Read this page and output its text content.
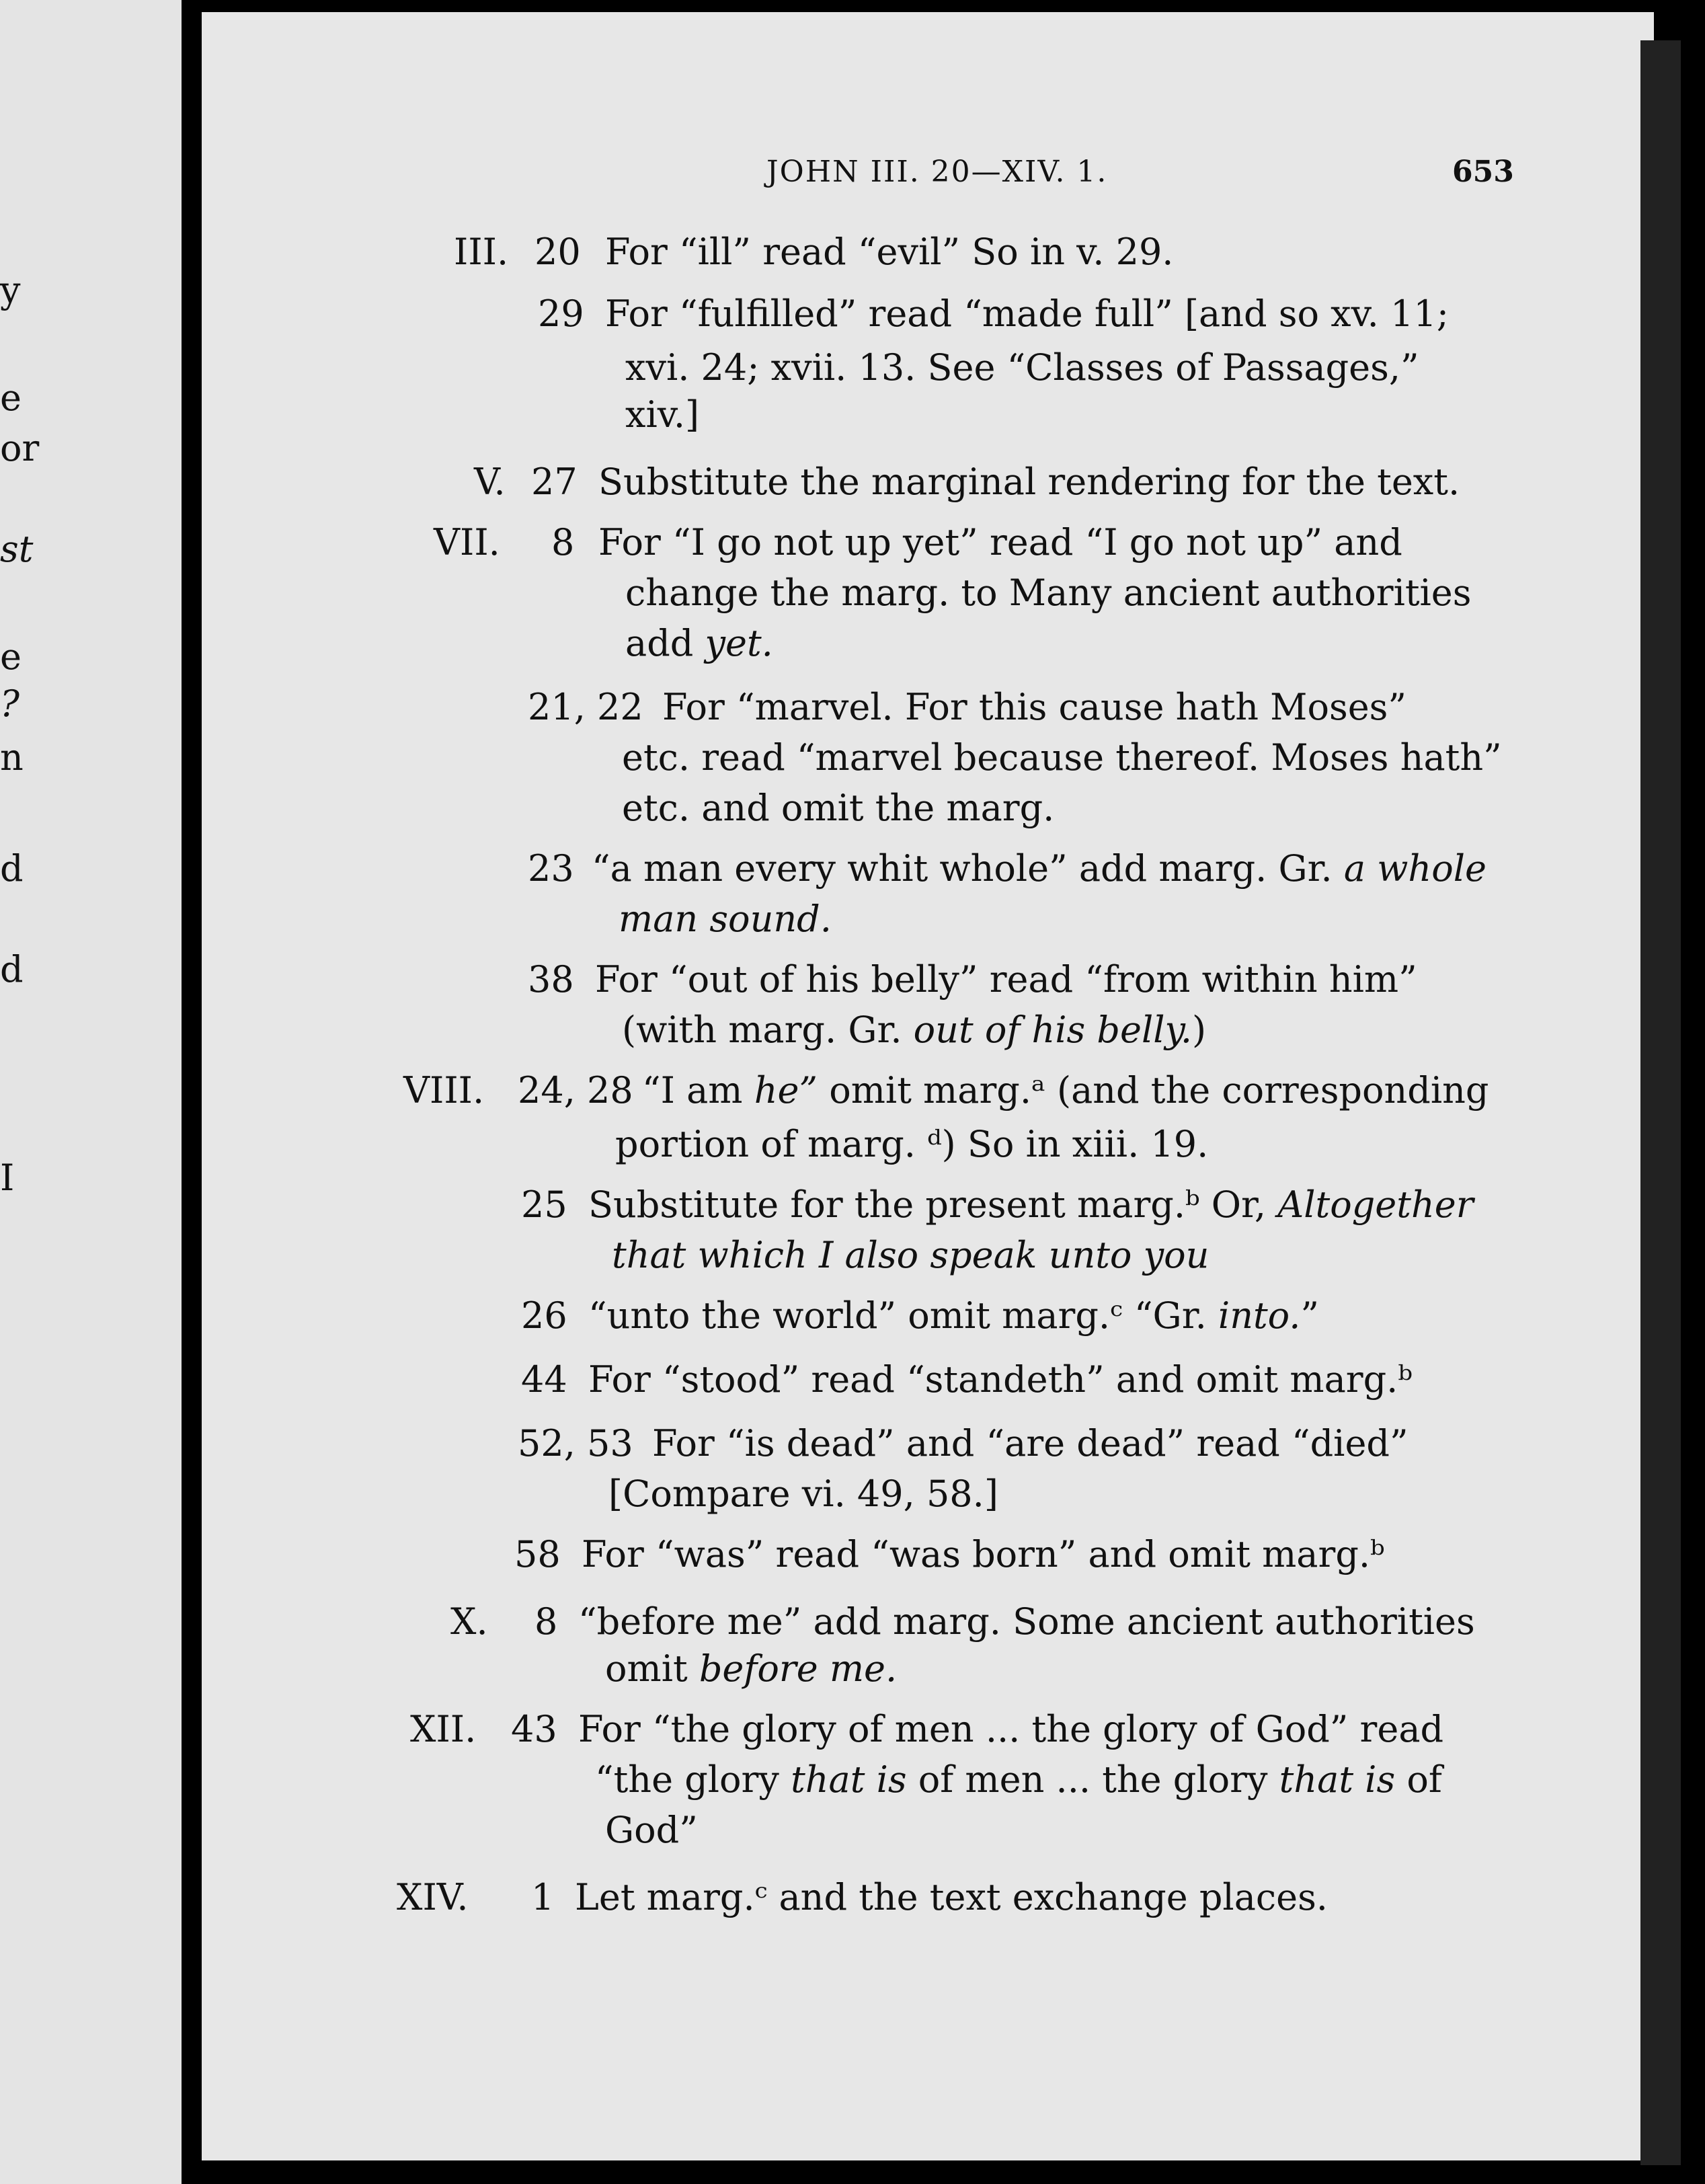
y
e
or
st
e
?
n
d
d
I
JOHN III. 20—XIV. 1.	653
III. 20 For “ill” read “evil” So in v. 29.
29 For “fulfilled” read “made full” [and so xv. 11;
xvi. 24; xvii. 13. See “Classes of Passages,”
xiv.]
V. 27 Substitute the marginal rendering for the text.
VII. 8 For “I go not up yet” read “I go not up” and
change the marg. to Many ancient authorities
add yet.
21, 22 For “marvel. For this cause hath Moses”
etc. read “marvel because thereof. Moses hath”
etc. and omit the marg.
23 “a man every whit whole” add marg. Gr. a whole
man sound.
38 For “out of his belly” read “from within him”
(with marg. Gr. out of his belly.)
VIII. 24, 28 “I am he” omit marg.ᵃ (and the corresponding
portion of marg. ᵈ) So in xiii. 19.
25 Substitute for the present marg.ᵇ Or, Altogether
that which I also speak unto you
26 “unto the world” omit marg.ᶜ “Gr. into.”
44 For “stood” read “standeth” and omit marg.ᵇ
52, 53 For “is dead” and “are dead” read “died”
[Compare vi. 49, 58.]
58 For “was” read “was born” and omit marg.ᵇ
X. 8 “before me” add marg. Some ancient authorities
omit before me.
XII. 43 For “the glory of men ... the glory of God” read
“the glory that is of men ... the glory that is of
God”
XIV. 1 Let marg.ᶜ and the text exchange places.
